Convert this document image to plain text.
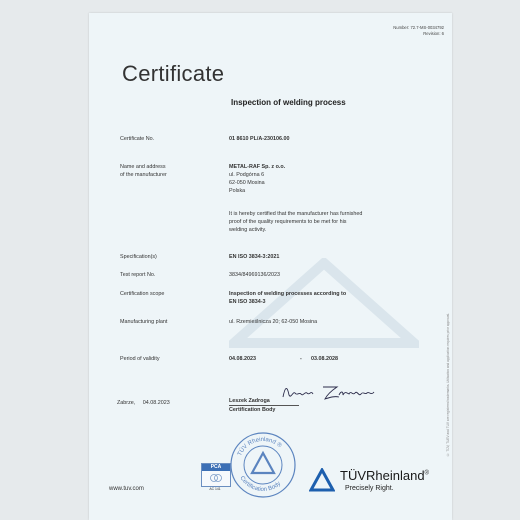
Number: 72.7-MS-0034792
Revision: 6
Certificate
Inspection of welding process
Certificate No.	01 8610 PL/A-230106.00
Name and address
of the manufacturer
METAL-RAF Sp. z o.o.
ul. Podgórna 6
62-050 Mosina
Polska
It is hereby certified that the manufacturer has furnished
proof of the quality requirements to be met for his
welding activity.
Specification(s)	EN ISO 3834-3:2021
Test report No.	3834/84969136/2023
Certification scope	Inspection of welding processes according to
EN ISO 3834-3
Manufacturing plant	ul. Rzemieślnicza 20; 62-050 Mosina
Period of validity	04.08.2023	- 03.08.2028
Zabrze,     04.08.2023	Leszek Zadroga
Certification Body	© TÜV, TUEV and TUV are registered trademarks. Utilisation and application requires prior approval.
www.tuv.com
PCA
AC 141
TÜV Rheinland ®
Certification Body
TÜVRheinland®
Precisely Right.
